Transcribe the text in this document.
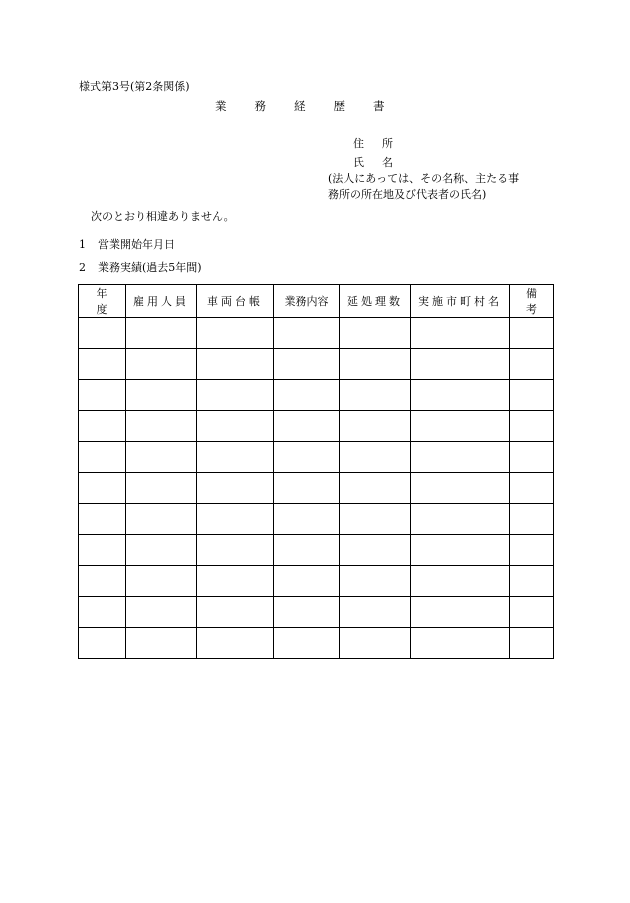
様式第3号(第2条関係)
業務経歴書
住所
氏名
(法人にあっては、その名称、主たる事
務所の所在地及び代表者の氏名)
次のとおり相違ありません。
1 営業開始年月日
2 業務実績(過去5年間)
年度	雇用人員	車両台帳	業務内容	延処理数	実施市町村名	備考
